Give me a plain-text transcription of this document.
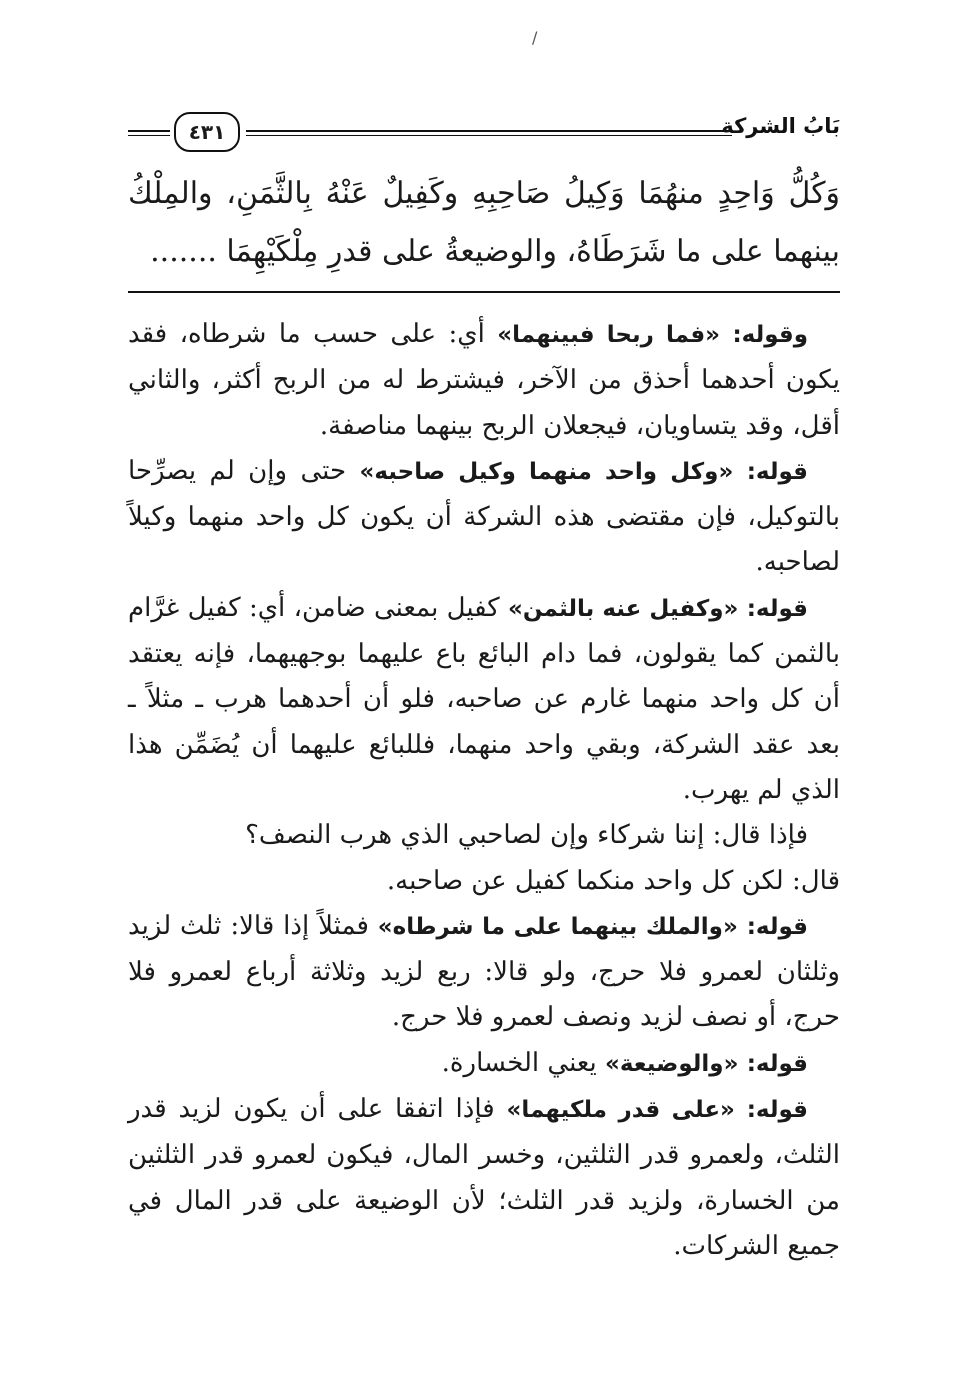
/
بَابُ الشركة
٤٣١
وَكُلُّ وَاحِدٍ منهُمَا وَكِيلُ صَاحِبِهِ وكَفِيلٌ عَنْهُ بِالثَّمَنِ، والمِلْكُ بينهما على ما شَرَطَاهُ، والوضيعةُ على قدرِ مِلْكَيْهِمَا .......

وقوله: «فما ربحا فبينهما» أي: على حسب ما شرطاه، فقد يكون أحدهما أحذق من الآخر، فيشترط له من الربح أكثر، والثاني أقل، وقد يتساويان، فيجعلان الربح بينهما مناصفة.

قوله: «وكل واحد منهما وكيل صاحبه» حتى وإن لم يصرِّحا بالتوكيل، فإن مقتضى هذه الشركة أن يكون كل واحد منهما وكيلاً لصاحبه.

قوله: «وكفيل عنه بالثمن» كفيل بمعنى ضامن، أي: كفيل غرَّام بالثمن كما يقولون، فما دام البائع باع عليهما بوجهيهما، فإنه يعتقد أن كل واحد منهما غارم عن صاحبه، فلو أن أحدهما هرب ـ مثلاً ـ بعد عقد الشركة، وبقي واحد منهما، فللبائع عليهما أن يُضَمِّن هذا الذي لم يهرب.

فإذا قال: إننا شركاء وإن لصاحبي الذي هرب النصف؟

قال: لكن كل واحد منكما كفيل عن صاحبه.

قوله: «والملك بينهما على ما شرطاه» فمثلاً إذا قالا: ثلث لزيد وثلثان لعمرو فلا حرج، ولو قالا: ربع لزيد وثلاثة أرباع لعمرو فلا حرج، أو نصف لزيد ونصف لعمرو فلا حرج.

قوله: «والوضيعة» يعني الخسارة.

قوله: «على قدر ملكيهما» فإذا اتفقا على أن يكون لزيد قدر الثلث، ولعمرو قدر الثلثين، وخسر المال، فيكون لعمرو قدر الثلثين من الخسارة، ولزيد قدر الثلث؛ لأن الوضيعة على قدر المال في جميع الشركات.
